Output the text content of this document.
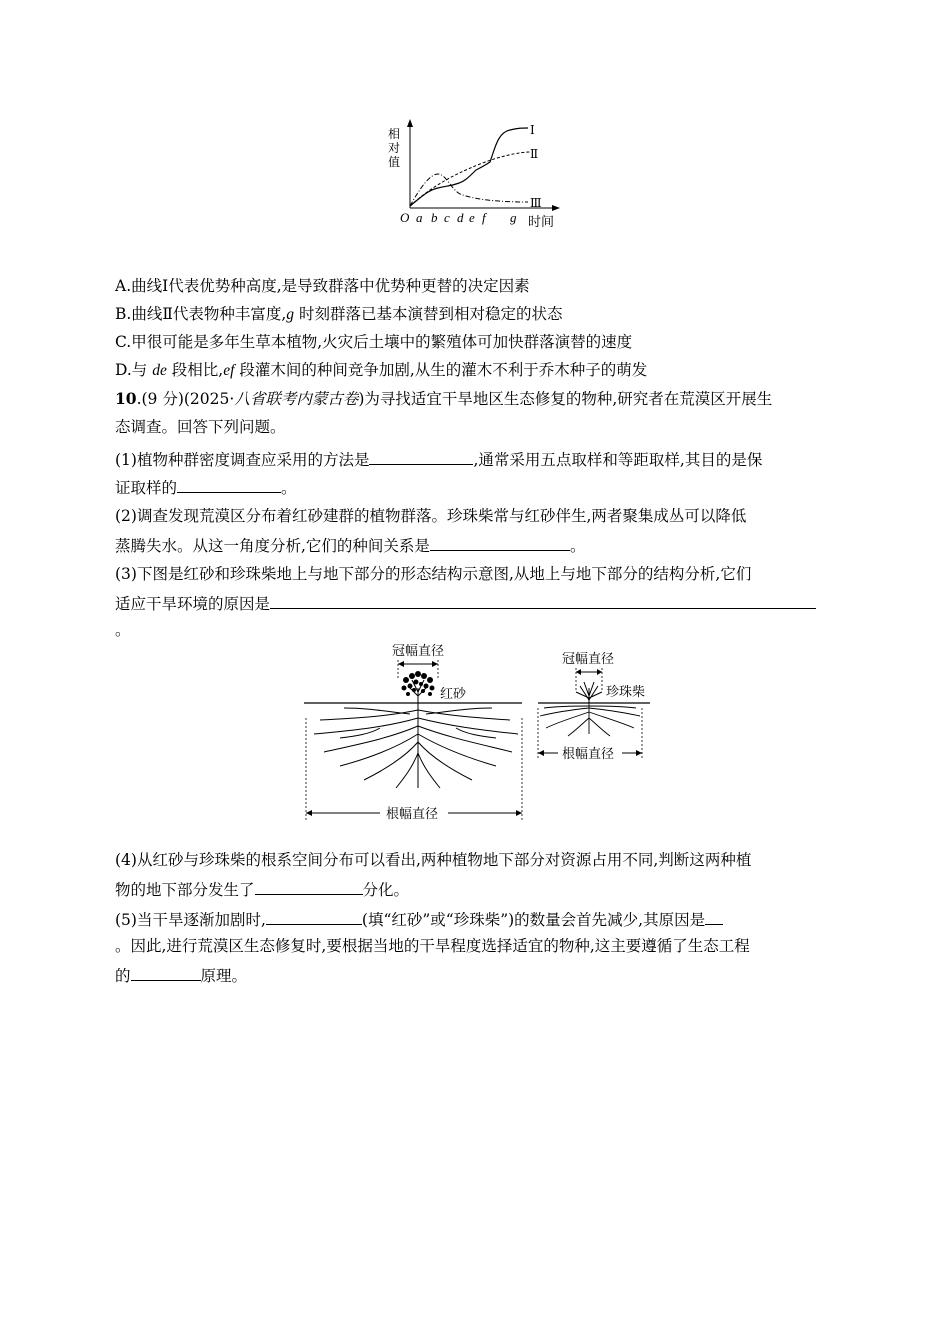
相对值
Ⅰ
Ⅱ
Ⅲ
O a b c d e f g 时间
A.曲线Ⅰ代表优势种高度,是导致群落中优势种更替的决定因素
B.曲线Ⅱ代表物种丰富度,g 时刻群落已基本演替到相对稳定的状态
C.甲很可能是多年生草本植物,火灾后土壤中的繁殖体可加快群落演替的速度
D.与 de 段相比,ef 段灌木间的种间竞争加剧,从生的灌木不利于乔木种子的萌发
10.(9 分)(2025·八省联考内蒙古卷)为寻找适宜干旱地区生态修复的物种,研究者在荒漠区开展生
态调查。回答下列问题。
(1)植物种群密度调查应采用的方法是	,通常采用五点取样和等距取样,其目的是保
证取样的	。
(2)调查发现荒漠区分布着红砂建群的植物群落。珍珠柴常与红砂伴生,两者聚集成丛可以降低
蒸腾失水。从这一角度分析,它们的种间关系是	。
(3)下图是红砂和珍珠柴地上与地下部分的形态结构示意图,从地上与地下部分的结构分析,它们
适应干旱环境的原因是
。
冠幅直径
红砂
根幅直径
冠幅直径
珍珠柴
根幅直径
(4)从红砂与珍珠柴的根系空间分布可以看出,两种植物地下部分对资源占用不同,判断这两种植
物的地下部分发生了	分化。
(5)当干旱逐渐加剧时,	(填“红砂”或“珍珠柴”)的数量会首先减少,其原因是
。因此,进行荒漠区生态修复时,要根据当地的干旱程度选择适宜的物种,这主要遵循了生态工程
的	原理。
